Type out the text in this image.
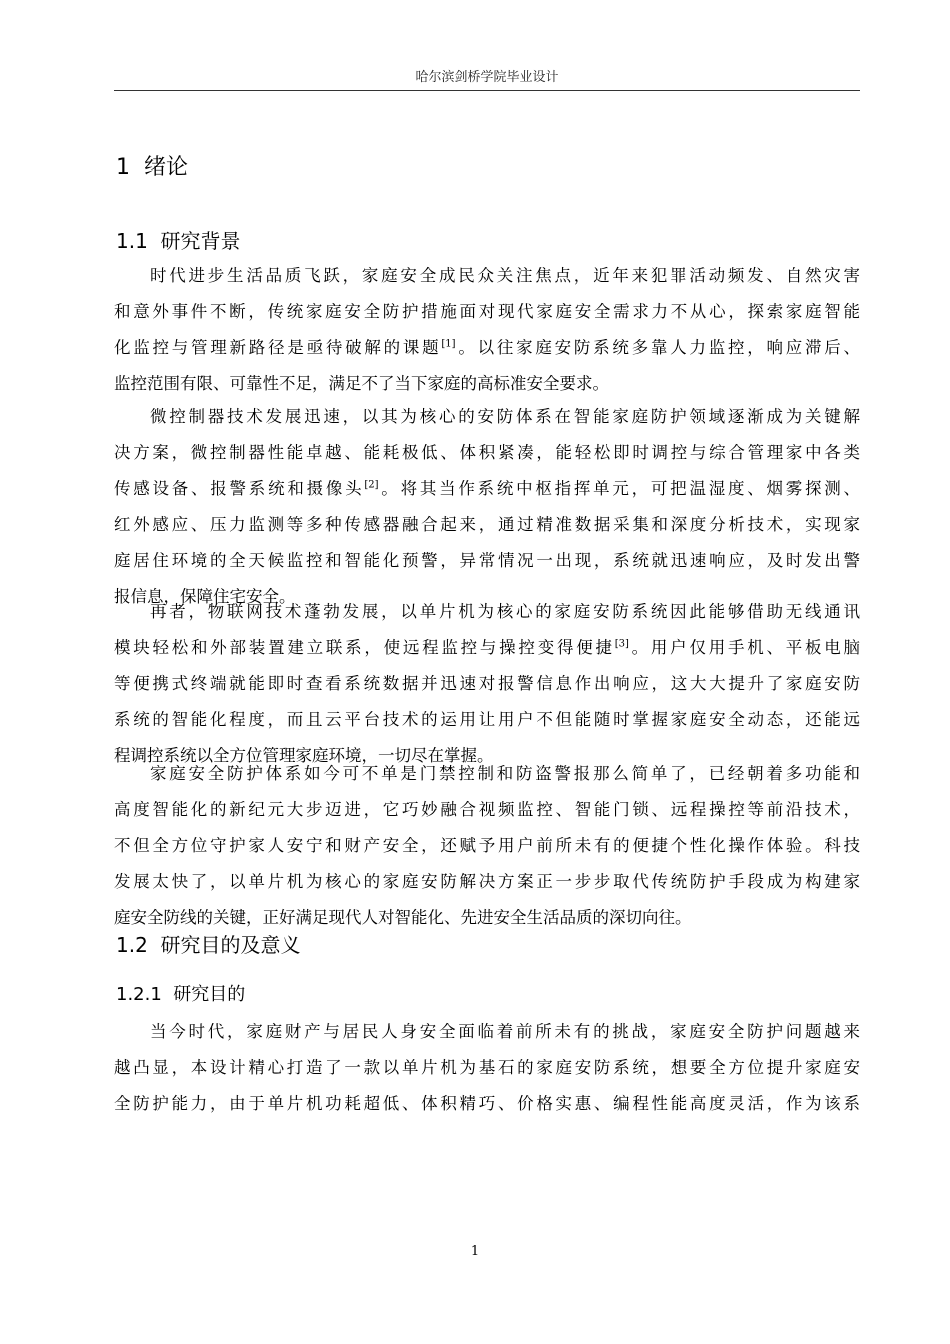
哈尔滨剑桥学院毕业设计
1  绪论
1.1  研究背景
时代进步生活品质飞跃，家庭安全成民众关注焦点，近年来犯罪活动频发、自然灾害
和意外事件不断，传统家庭安全防护措施面对现代家庭安全需求力不从心，探索家庭智能
化监控与管理新路径是亟待破解的课题[1]。以往家庭安防系统多靠人力监控，响应滞后、
监控范围有限、可靠性不足，满足不了当下家庭的高标准安全要求。
微控制器技术发展迅速，以其为核心的安防体系在智能家庭防护领域逐渐成为关键解
决方案，微控制器性能卓越、能耗极低、体积紧凑，能轻松即时调控与综合管理家中各类
传感设备、报警系统和摄像头[2]。将其当作系统中枢指挥单元，可把温湿度、烟雾探测、
红外感应、压力监测等多种传感器融合起来，通过精准数据采集和深度分析技术，实现家
庭居住环境的全天候监控和智能化预警，异常情况一出现，系统就迅速响应，及时发出警
报信息，保障住宅安全。
再者，物联网技术蓬勃发展，以单片机为核心的家庭安防系统因此能够借助无线通讯
模块轻松和外部装置建立联系，使远程监控与操控变得便捷[3]。用户仅用手机、平板电脑
等便携式终端就能即时查看系统数据并迅速对报警信息作出响应，这大大提升了家庭安防
系统的智能化程度，而且云平台技术的运用让用户不但能随时掌握家庭安全动态，还能远
程调控系统以全方位管理家庭环境，一切尽在掌握。
家庭安全防护体系如今可不单是门禁控制和防盗警报那么简单了，已经朝着多功能和
高度智能化的新纪元大步迈进，它巧妙融合视频监控、智能门锁、远程操控等前沿技术，
不但全方位守护家人安宁和财产安全，还赋予用户前所未有的便捷个性化操作体验。科技
发展太快了，以单片机为核心的家庭安防解决方案正一步步取代传统防护手段成为构建家
庭安全防线的关键，正好满足现代人对智能化、先进安全生活品质的深切向往。
1.2  研究目的及意义
1.2.1  研究目的
当今时代，家庭财产与居民人身安全面临着前所未有的挑战，家庭安全防护问题越来
越凸显，本设计精心打造了一款以单片机为基石的家庭安防系统，想要全方位提升家庭安
全防护能力，由于单片机功耗超低、体积精巧、价格实惠、编程性能高度灵活，作为该系
1
